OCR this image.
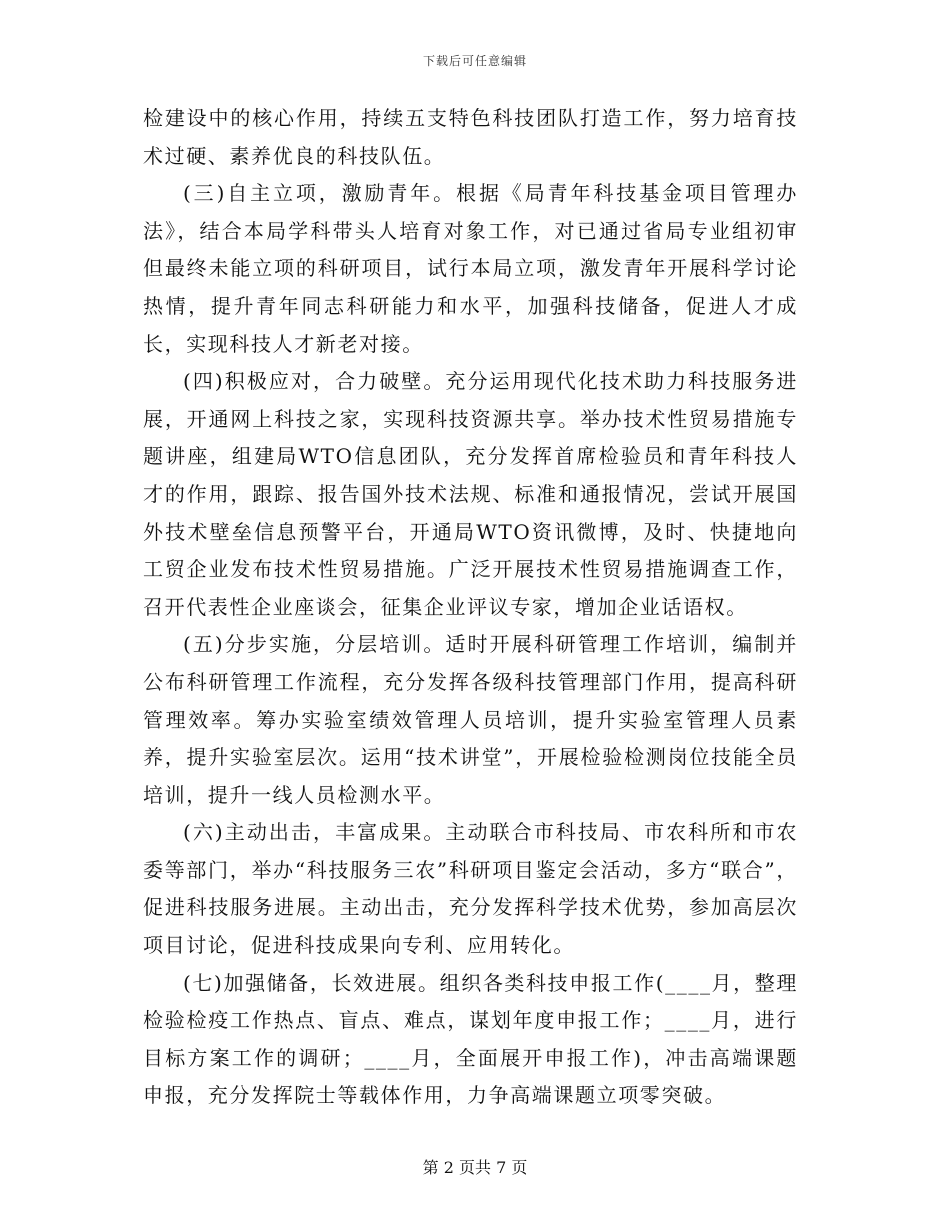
下载后可任意编辑

检建设中的核心作用，持续五支特色科技团队打造工作，努力培育技术过硬、素养优良的科技队伍。

(三)自主立项，激励青年。根据《局青年科技基金项目管理办法》，结合本局学科带头人培育对象工作，对已通过省局专业组初审但最终未能立项的科研项目，试行本局立项，激发青年开展科学讨论热情，提升青年同志科研能力和水平，加强科技储备，促进人才成长，实现科技人才新老对接。

(四)积极应对，合力破壁。充分运用现代化技术助力科技服务进展，开通网上科技之家，实现科技资源共享。举办技术性贸易措施专题讲座，组建局WTO信息团队，充分发挥首席检验员和青年科技人才的作用，跟踪、报告国外技术法规、标准和通报情况，尝试开展国外技术壁垒信息预警平台，开通局WTO资讯微博，及时、快捷地向工贸企业发布技术性贸易措施。广泛开展技术性贸易措施调查工作，召开代表性企业座谈会，征集企业评议专家，增加企业话语权。

(五)分步实施，分层培训。适时开展科研管理工作培训，编制并公布科研管理工作流程，充分发挥各级科技管理部门作用，提高科研管理效率。筹办实验室绩效管理人员培训，提升实验室管理人员素养，提升实验室层次。运用“技术讲堂”，开展检验检测岗位技能全员培训，提升一线人员检测水平。

(六)主动出击，丰富成果。主动联合市科技局、市农科所和市农委等部门，举办“科技服务三农”科研项目鉴定会活动，多方“联合”，促进科技服务进展。主动出击，充分发挥科学技术优势，参加高层次项目讨论，促进科技成果向专利、应用转化。

(七)加强储备，长效进展。组织各类科技申报工作(____月，整理检验检疫工作热点、盲点、难点，谋划年度申报工作；____月，进行目标方案工作的调研；____月，全面展开申报工作)，冲击高端课题申报，充分发挥院士等载体作用，力争高端课题立项零突破。

第 2 页共 7 页
